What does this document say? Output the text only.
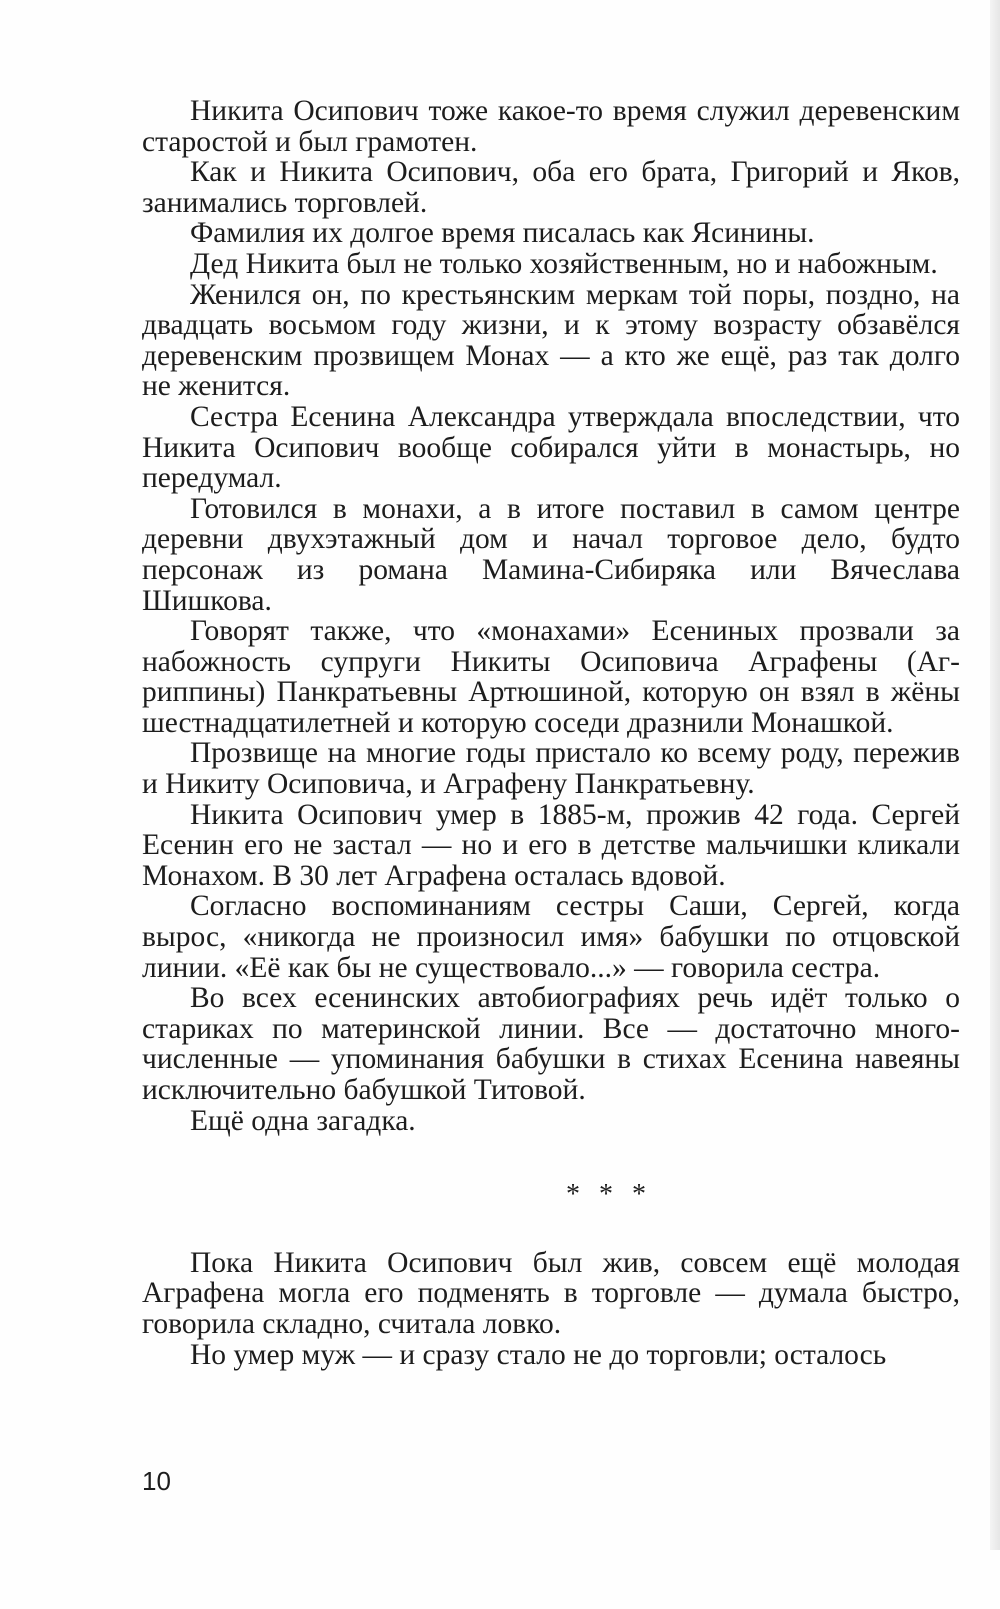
Никита Осипович тоже какое-то время служил деревенским старостой и был грамотен.

Как и Никита Осипович, оба его брата, Григорий и Яков, занимались торговлей.

Фамилия их долгое время писалась как Ясинины.

Дед Никита был не только хозяйственным, но и набожным.

Женился он, по крестьянским меркам той поры, поздно, на двадцать восьмом году жизни, и к этому возрасту обзавёлся деревенским прозвищем Монах — а кто же ещё, раз так долго не женится.

Сестра Есенина Александра утверждала впоследствии, что Никита Осипович вообще собирался уйти в монастырь, но передумал.

Готовился в монахи, а в итоге поставил в самом центре деревни двухэтажный дом и начал торговое дело, будто персонаж из романа Мамина-Сибиряка или Вячеслава Шишкова.

Говорят также, что «монахами» Есениных прозвали за набожность супруги Никиты Осиповича Аграфены (Агриппины) Панкратьевны Артюшиной, которую он взял в жёны шестнадцатилетней и которую соседи дразнили Монашкой.

Прозвище на многие годы пристало ко всему роду, пережив и Никиту Осиповича, и Аграфену Панкратьевну.

Никита Осипович умер в 1885-м, прожив 42 года. Сергей Есенин его не застал — но и его в детстве мальчишки кликали Монахом. В 30 лет Аграфена осталась вдовой.

Согласно воспоминаниям сестры Саши, Сергей, когда вырос, «никогда не произносил имя» бабушки по отцовской линии. «Её как бы не существовало...» — говорила сестра.

Во всех есенинских автобиографиях речь идёт только о стариках по материнской линии. Все — достаточно многочисленные — упоминания бабушки в стихах Есенина навеяны исключительно бабушкой Титовой.

Ещё одна загадка.

* * *

Пока Никита Осипович был жив, совсем ещё молодая Аграфена могла его подменять в торговле — думала быстро, говорила складно, считала ловко.

Но умер муж — и сразу стало не до торговли; осталось

10
